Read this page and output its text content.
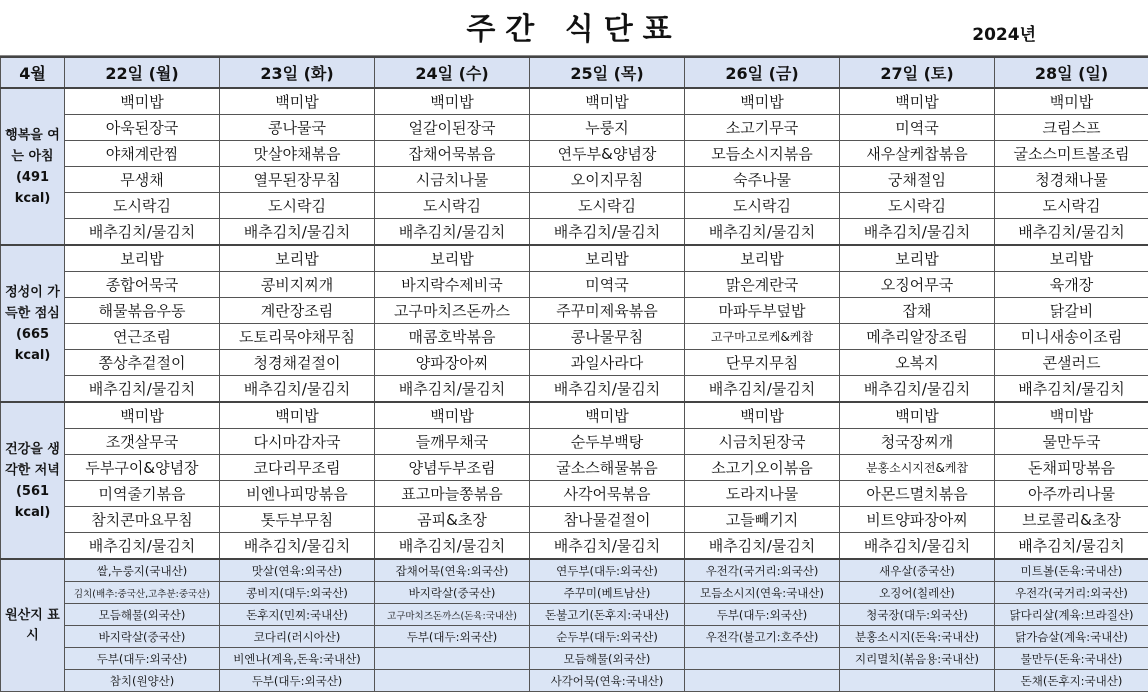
주간 식단표	2024년
4월	22일 (월)	23일 (화)	24일 (수)	25일 (목)	26일 (금)	27일 (토)	28일 (일)
행복을 여는 아침 (491 kcal)	백미밥	백미밥	백미밥	백미밥	백미밥	백미밥	백미밥
	아욱된장국	콩나물국	얼갈이된장국	누룽지	소고기무국	미역국	크림스프
	야채계란찜	맛살야채볶음	잡채어묵볶음	연두부&양념장	모듬소시지볶음	새우살케찹볶음	굴소스미트볼조림
	무생채	열무된장무침	시금치나물	오이지무침	숙주나물	궁채절임	청경채나물
	도시락김	도시락김	도시락김	도시락김	도시락김	도시락김	도시락김
	배추김치/물김치	배추김치/물김치	배추김치/물김치	배추김치/물김치	배추김치/물김치	배추김치/물김치	배추김치/물김치
정성이 가득한 점심 (665 kcal)	보리밥	보리밥	보리밥	보리밥	보리밥	보리밥	보리밥
	종합어묵국	콩비지찌개	바지락수제비국	미역국	맑은계란국	오징어무국	육개장
	해물볶음우동	계란장조림	고구마치즈돈까스	주꾸미제육볶음	마파두부덮밥	잡채	닭갈비
	연근조림	도토리묵야채무침	매콤호박볶음	콩나물무침	고구마고로케&케찹	메추리알장조림	미니새송이조림
	쫑상추겉절이	청경채겉절이	양파장아찌	과일사라다	단무지무침	오복지	콘샐러드
	배추김치/물김치	배추김치/물김치	배추김치/물김치	배추김치/물김치	배추김치/물김치	배추김치/물김치	배추김치/물김치
건강을 생각한 저녁 (561 kcal)	백미밥	백미밥	백미밥	백미밥	백미밥	백미밥	백미밥
	조갯살무국	다시마감자국	들깨무채국	순두부백탕	시금치된장국	청국장찌개	물만두국
	두부구이&양념장	코다리무조림	양념두부조림	굴소스해물볶음	소고기오이볶음	분홍소시지전&케찹	돈채피망볶음
	미역줄기볶음	비엔나피망볶음	표고마늘쫑볶음	사각어묵볶음	도라지나물	아몬드멸치볶음	아주까리나물
	참치콘마요무침	톳두부무침	곰피&초장	참나물겉절이	고들빼기지	비트양파장아찌	브로콜리&초장
	배추김치/물김치	배추김치/물김치	배추김치/물김치	배추김치/물김치	배추김치/물김치	배추김치/물김치	배추김치/물김치
원산지 표시	쌀,누룽지(국내산)	맛살(연육:외국산)	잡채어묵(연육:외국산)	연두부(대두:외국산)	우전각(국거리:외국산)	새우살(중국산)	미트볼(돈육:국내산)
	김치(배추:중국산,고추분:중국산)	콩비지(대두:외국산)	바지락살(중국산)	주꾸미(베트남산)	모듬소시지(연육:국내산)	오징어(칠레산)	우전각(국거리:외국산)
	모듬해물(외국산)	돈후지(민찌:국내산)	고구마치즈돈까스(돈육:국내산)	돈불고기(돈후지:국내산)	두부(대두:외국산)	청국장(대두:외국산)	닭다리살(계육:브라질산)
	바지락살(중국산)	코다리(러시아산)	두부(대두:외국산)	순두부(대두:외국산)	우전각(불고기:호주산)	분홍소시지(돈육:국내산)	닭가슴살(계육:국내산)
	두부(대두:외국산)	비엔나(계육,돈육:국내산)		모듬해물(외국산)		지리멸치(볶음용:국내산)	물만두(돈육:국내산)
	참치(원양산)	두부(대두:외국산)		사각어묵(연육:국내산)			돈채(돈후지:국내산)
